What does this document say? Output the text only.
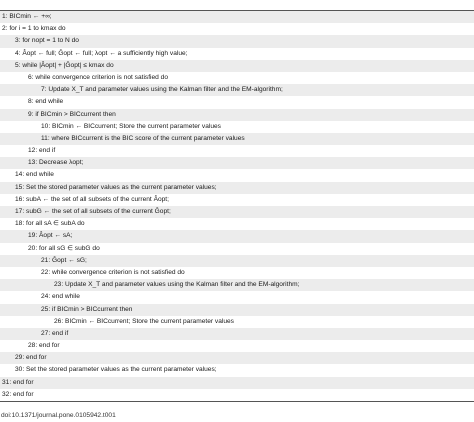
1: BICmin ← +∞;
2: for i = 1 to kmax do
3: for nopt = 1 to N do
4: Âopt ← full; Ĝopt ← full; λopt ← a sufficiently high value;
5: while |Âopt| + |Ĝopt| ≤ kmax do
6: while convergence criterion is not satisfied do
7: Update X_T and parameter values using the Kalman filter and the EM-algorithm;
8: end while
9: if BICmin > BICcurrent then
10: BICmin ← BICcurrent; Store the current parameter values
11: where BICcurrent is the BIC score of the current parameter values
12: end if
13: Decrease λopt;
14: end while
15: Set the stored parameter values as the current parameter values;
16: subA ← the set of all subsets of the current Âopt;
17: subG ← the set of all subsets of the current Ĝopt;
18: for all sA ∈ subA do
19: Âopt ← sA;
20: for all sG ∈ subG do
21: Ĝopt ← sG;
22: while convergence criterion is not satisfied do
23: Update X_T and parameter values using the Kalman filter and the EM-algorithm;
24: end while
25: if BICmin > BICcurrent then
26: BICmin ← BICcurrent; Store the current parameter values
27: end if
28: end for
29: end for
30: Set the stored parameter values as the current parameter values;
31: end for
32: end for
doi:10.1371/journal.pone.0105942.t001
